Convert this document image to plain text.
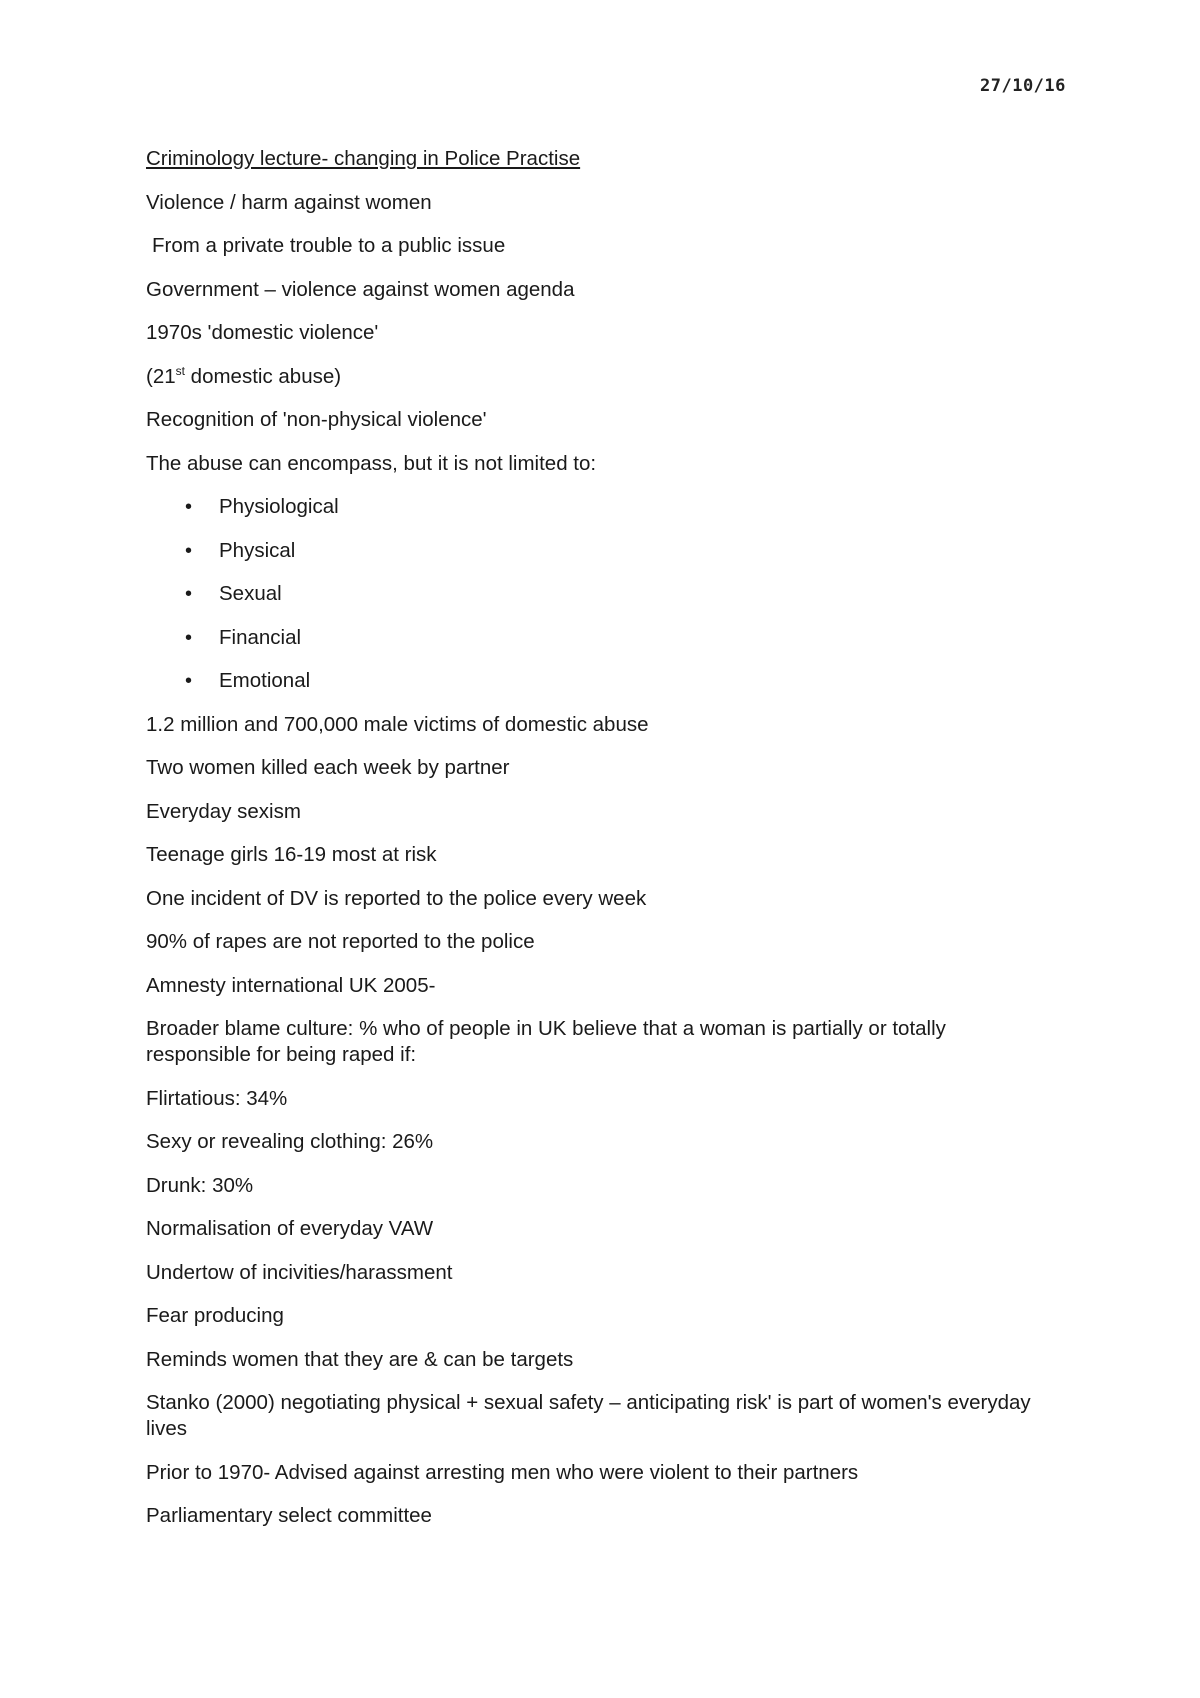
27/10/16
Criminology lecture- changing in Police Practise
Violence / harm against women
From a private trouble to a public issue
Government – violence against women agenda
1970s 'domestic violence'
(21st domestic abuse)
Recognition of 'non-physical violence'
The abuse can encompass, but it is not limited to:
• Physiological
• Physical
• Sexual
• Financial
• Emotional
1.2 million and 700,000 male victims of domestic abuse
Two women killed each week by partner
Everyday sexism
Teenage girls 16-19 most at risk
One incident of DV is reported to the police every week
90% of rapes are not reported to the police
Amnesty international UK 2005-
Broader blame culture: % who of people in UK believe that a woman is partially or totally responsible for being raped if:
Flirtatious: 34%
Sexy or revealing clothing: 26%
Drunk: 30%
Normalisation of everyday VAW
Undertow of incivities/harassment
Fear producing
Reminds women that they are & can be targets
Stanko (2000) negotiating physical + sexual safety – anticipating risk' is part of women's everyday lives
Prior to 1970- Advised against arresting men who were violent to their partners
Parliamentary select committee
